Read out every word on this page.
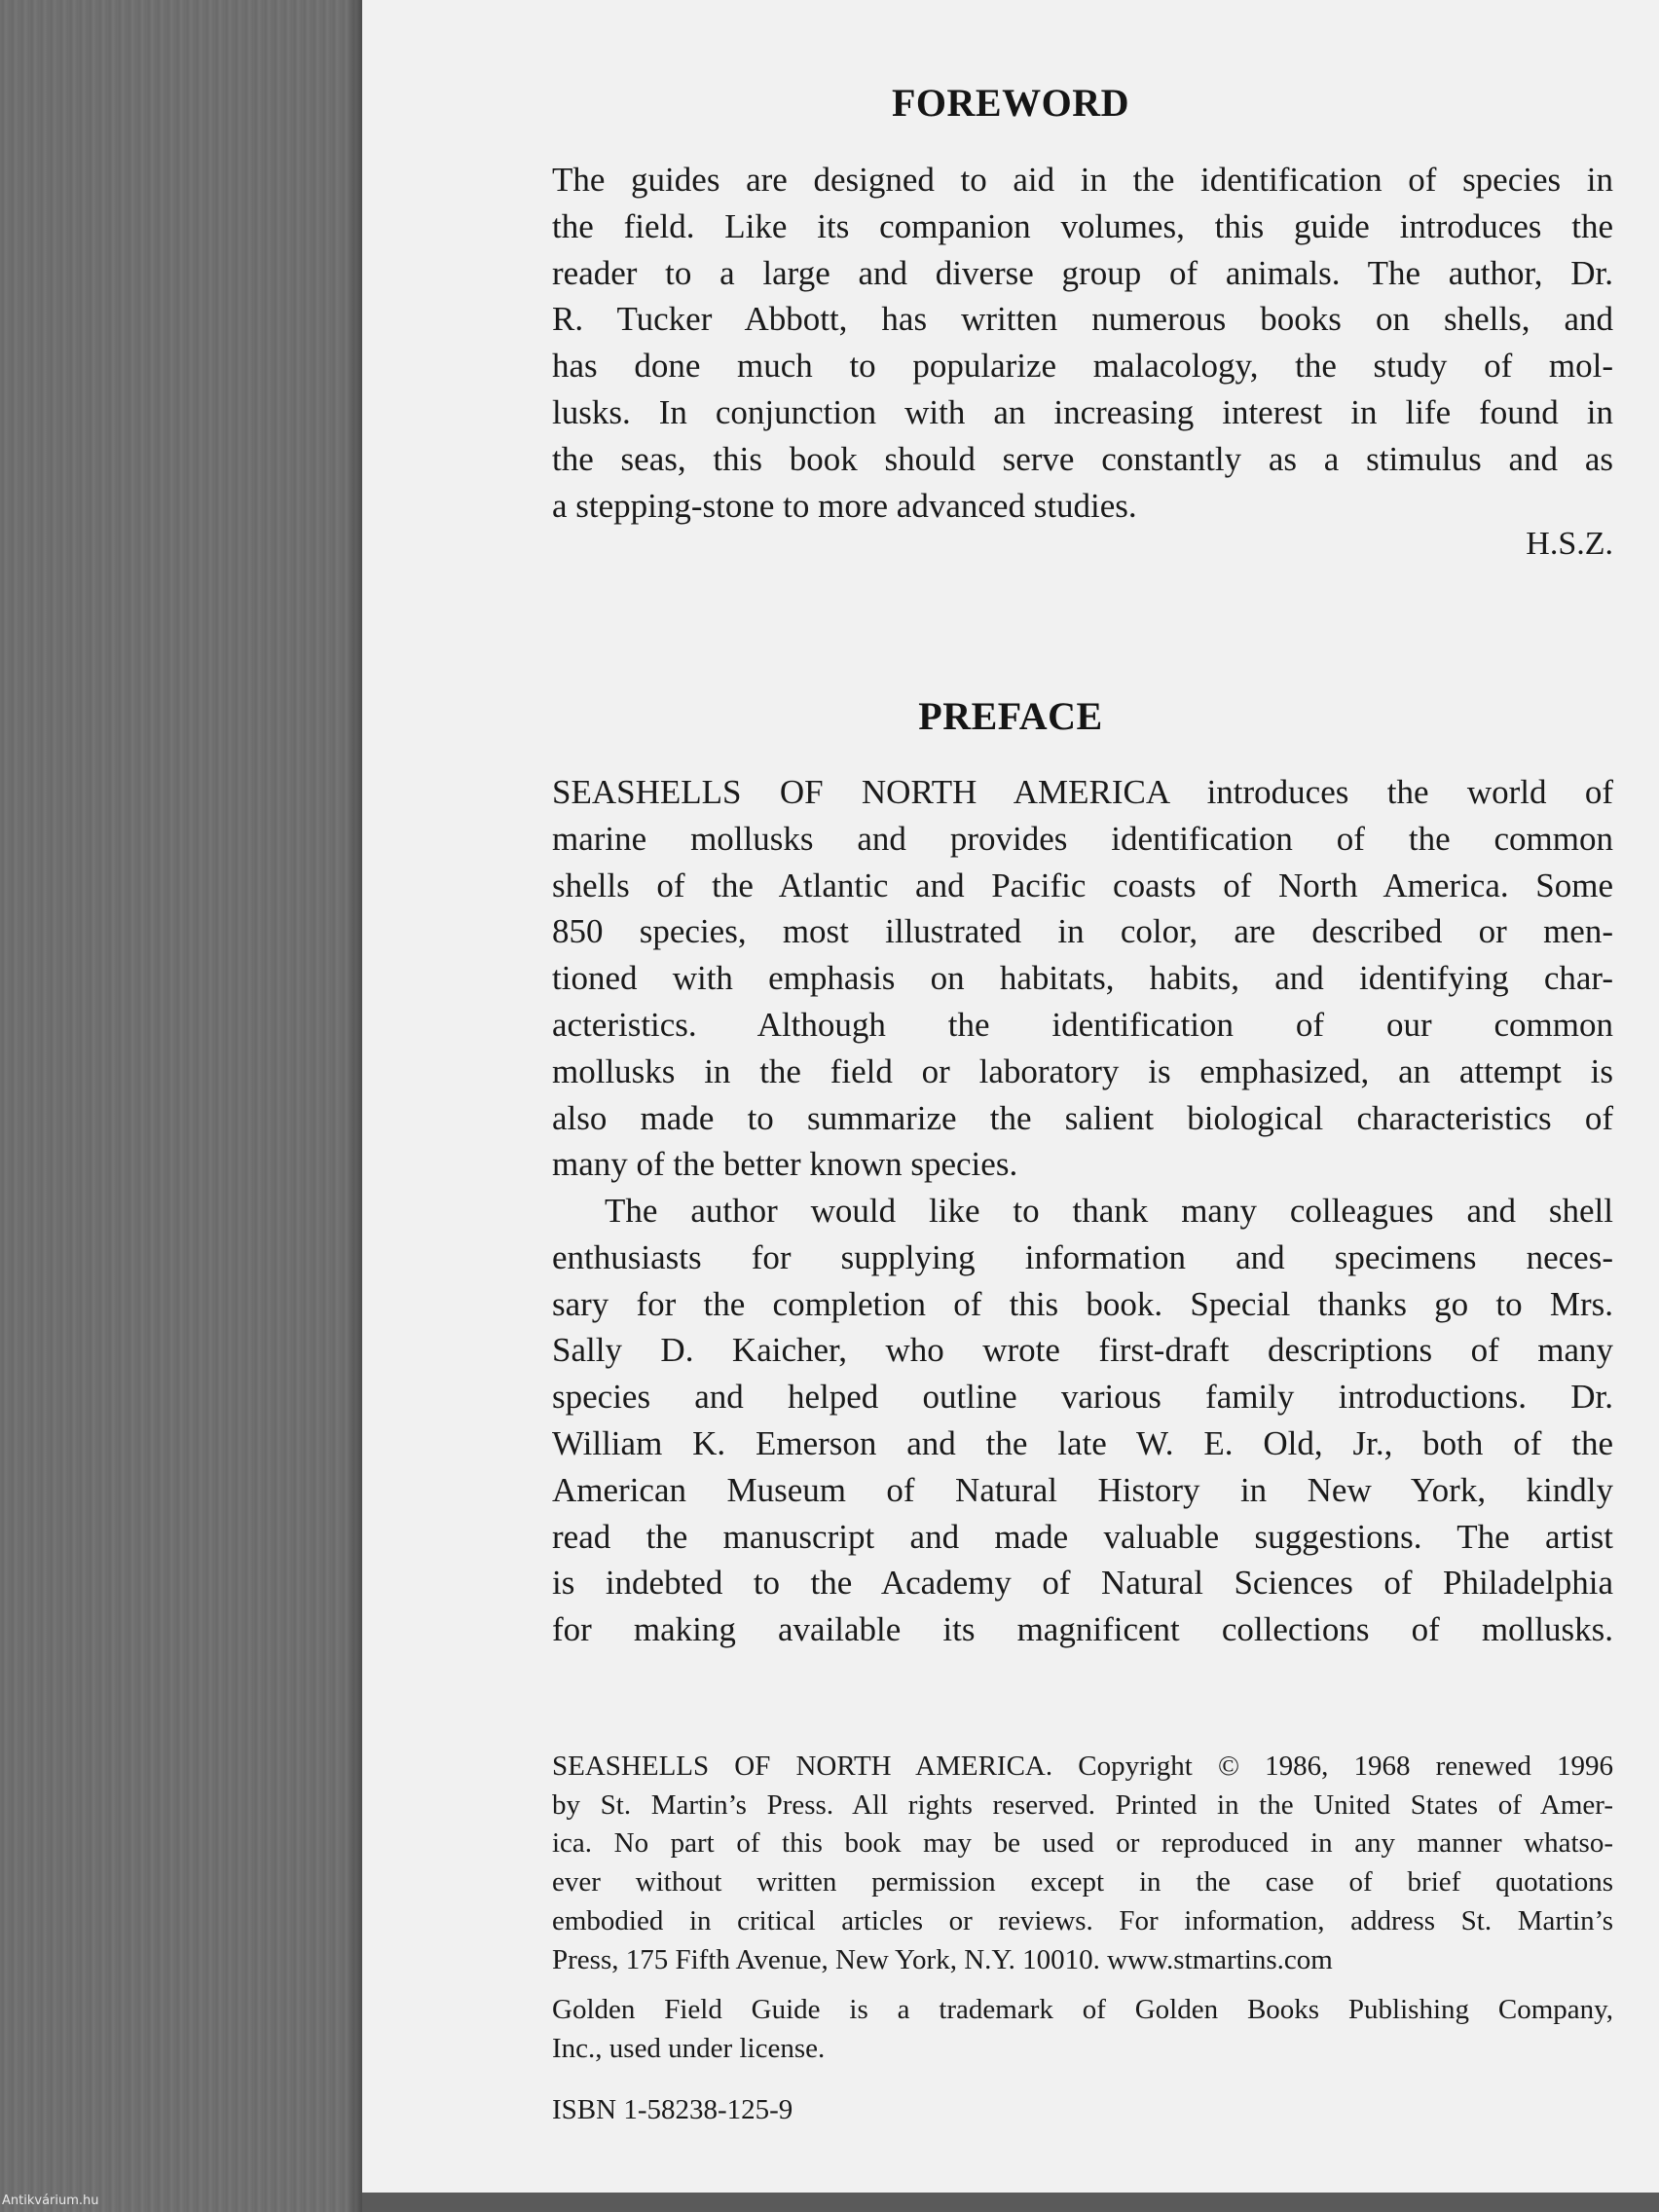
FOREWORD
The guides are designed to aid in the identification of species in
the field. Like its companion volumes, this guide introduces the
reader to a large and diverse group of animals. The author, Dr.
R. Tucker Abbott, has written numerous books on shells, and
has done much to popularize malacology, the study of mol-
lusks. In conjunction with an increasing interest in life found in
the seas, this book should serve constantly as a stimulus and as
a stepping-stone to more advanced studies.
H.S.Z.
PREFACE
SEASHELLS OF NORTH AMERICA introduces the world of
marine mollusks and provides identification of the common
shells of the Atlantic and Pacific coasts of North America. Some
850 species, most illustrated in color, are described or men-
tioned with emphasis on habitats, habits, and identifying char-
acteristics. Although the identification of our common
mollusks in the field or laboratory is emphasized, an attempt is
also made to summarize the salient biological characteristics of
many of the better known species.
The author would like to thank many colleagues and shell
enthusiasts for supplying information and specimens neces-
sary for the completion of this book. Special thanks go to Mrs.
Sally D. Kaicher, who wrote first-draft descriptions of many
species and helped outline various family introductions. Dr.
William K. Emerson and the late W. E. Old, Jr., both of the
American Museum of Natural History in New York, kindly
read the manuscript and made valuable suggestions. The artist
is indebted to the Academy of Natural Sciences of Philadelphia
for making available its magnificent collections of mollusks.
SEASHELLS OF NORTH AMERICA. Copyright © 1986, 1968 renewed 1996
by St. Martin’s Press. All rights reserved. Printed in the United States of Amer-
ica. No part of this book may be used or reproduced in any manner whatso-
ever without written permission except in the case of brief quotations
embodied in critical articles or reviews. For information, address St. Martin’s
Press, 175 Fifth Avenue, New York, N.Y. 10010. www.stmartins.com
Golden Field Guide is a trademark of Golden Books Publishing Company,
Inc., used under license.
ISBN 1-58238-125-9
Antikvárium.hu
